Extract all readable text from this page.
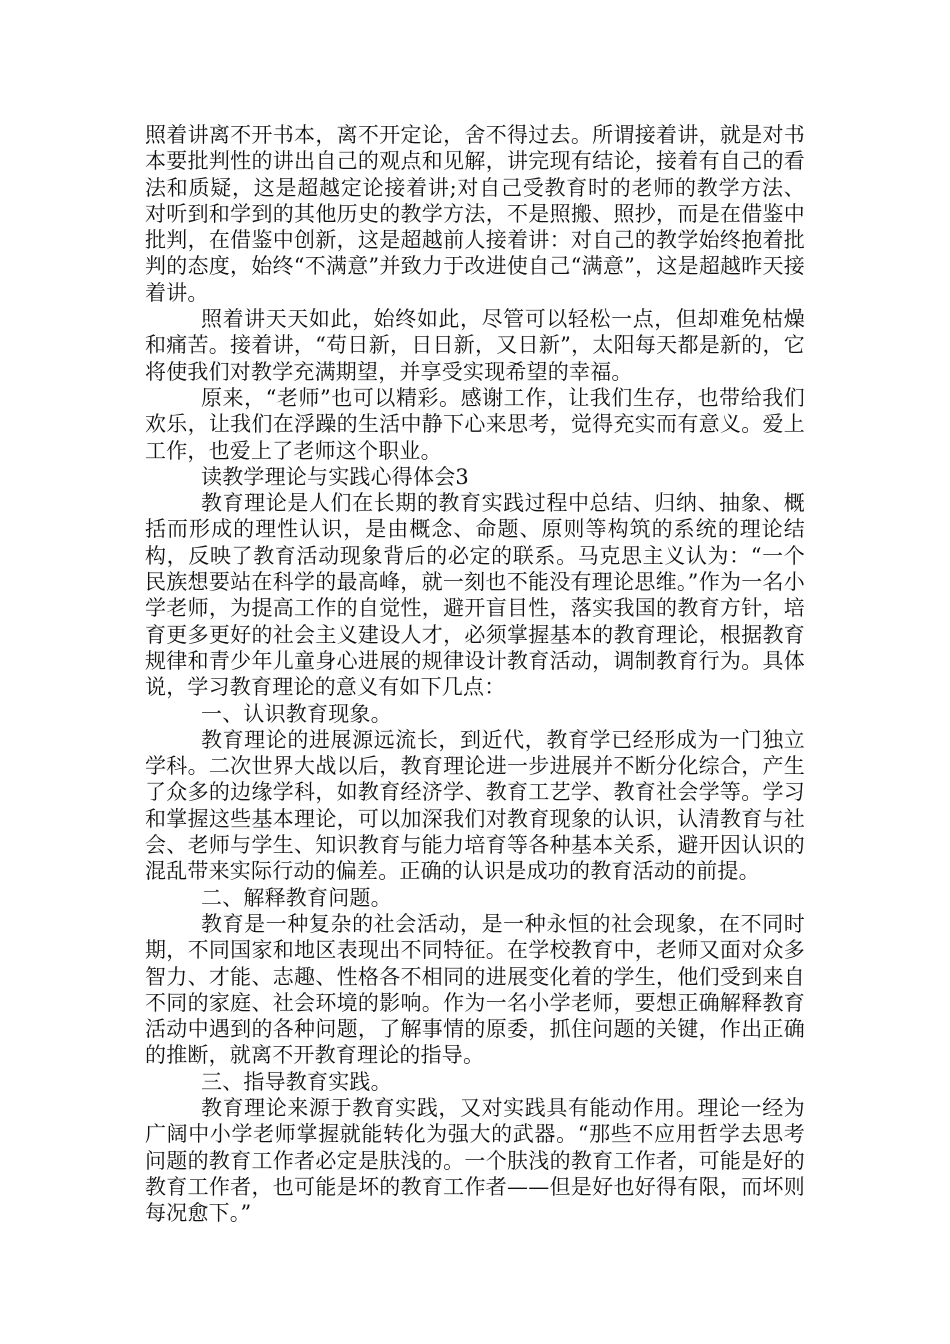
照着讲离不开书本，离不开定论，舍不得过去。所谓接着讲，就是对书本要批判性的讲出自己的观点和见解，讲完现有结论，接着有自己的看法和质疑，这是超越定论接着讲;对自己受教育时的老师的教学方法、对听到和学到的其他历史的教学方法，不是照搬、照抄，而是在借鉴中批判，在借鉴中创新，这是超越前人接着讲：对自己的教学始终抱着批判的态度，始终“不满意”并致力于改进使自己“满意”，这是超越昨天接着讲。

照着讲天天如此，始终如此，尽管可以轻松一点，但却难免枯燥和痛苦。接着讲，“苟日新，日日新，又日新”，太阳每天都是新的，它将使我们对教学充满期望，并享受实现希望的幸福。

原来，“老师”也可以精彩。感谢工作，让我们生存，也带给我们欢乐，让我们在浮躁的生活中静下心来思考，觉得充实而有意义。爱上工作，也爱上了老师这个职业。

读教学理论与实践心得体会3

教育理论是人们在长期的教育实践过程中总结、归纳、抽象、概括而形成的理性认识，是由概念、命题、原则等构筑的系统的理论结构，反映了教育活动现象背后的必定的联系。马克思主义认为：“一个民族想要站在科学的最高峰，就一刻也不能没有理论思维。”作为一名小学老师，为提高工作的自觉性，避开盲目性，落实我国的教育方针，培育更多更好的社会主义建设人才，必须掌握基本的教育理论，根据教育规律和青少年儿童身心进展的规律设计教育活动，调制教育行为。具体说，学习教育理论的意义有如下几点：

一、认识教育现象。

教育理论的进展源远流长，到近代，教育学已经形成为一门独立学科。二次世界大战以后，教育理论进一步进展并不断分化综合，产生了众多的边缘学科，如教育经济学、教育工艺学、教育社会学等。学习和掌握这些基本理论，可以加深我们对教育现象的认识，认清教育与社会、老师与学生、知识教育与能力培育等各种基本关系，避开因认识的混乱带来实际行动的偏差。正确的认识是成功的教育活动的前提。

二、解释教育问题。

教育是一种复杂的社会活动，是一种永恒的社会现象，在不同时期，不同国家和地区表现出不同特征。在学校教育中，老师又面对众多智力、才能、志趣、性格各不相同的进展变化着的学生，他们受到来自不同的家庭、社会环境的影响。作为一名小学老师，要想正确解释教育活动中遇到的各种问题，了解事情的原委，抓住问题的关键，作出正确的推断，就离不开教育理论的指导。

三、指导教育实践。

教育理论来源于教育实践，又对实践具有能动作用。理论一经为广阔中小学老师掌握就能转化为强大的武器。“那些不应用哲学去思考问题的教育工作者必定是肤浅的。一个肤浅的教育工作者，可能是好的教育工作者，也可能是坏的教育工作者——但是好也好得有限，而坏则每况愈下。”
